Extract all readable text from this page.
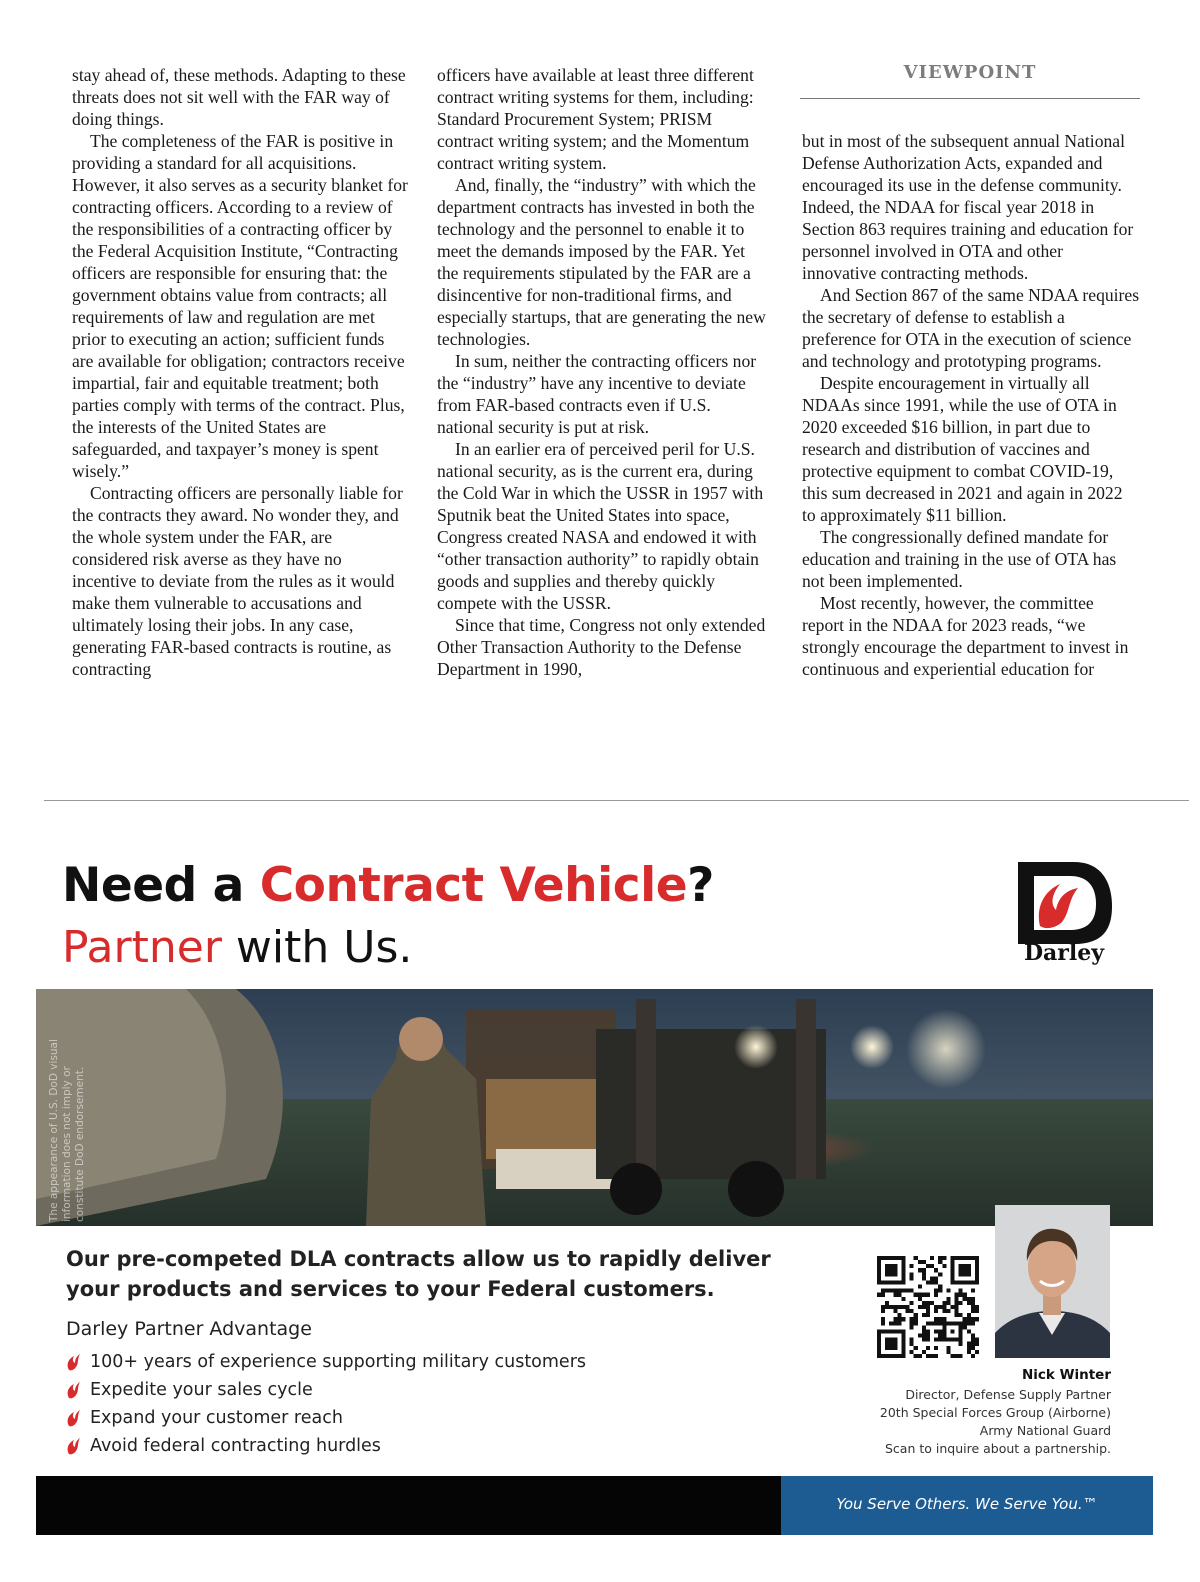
VIEWPOINT

stay ahead of, these methods. Adapting to these threats does not sit well with the FAR way of doing things.

The completeness of the FAR is positive in providing a standard for all acquisitions. However, it also serves as a security blanket for contracting officers. According to a review of the responsibilities of a contracting officer by the Federal Acquisition Institute, “Contracting officers are responsible for ensuring that: the government obtains value from contracts; all requirements of law and regulation are met prior to executing an action; sufficient funds are available for obligation; contractors receive impartial, fair and equitable treatment; both parties comply with terms of the contract. Plus, the interests of the United States are safeguarded, and taxpayer’s money is spent wisely.”

Contracting officers are personally liable for the contracts they award. No wonder they, and the whole system under the FAR, are considered risk averse as they have no incentive to deviate from the rules as it would make them vulnerable to accusations and ultimately losing their jobs. In any case, generating FAR-based contracts is routine, as contracting

officers have available at least three different contract writing systems for them, including: Standard Procurement System; PRISM contract writing system; and the Momentum contract writing system.

And, finally, the “industry” with which the department contracts has invested in both the technology and the personnel to enable it to meet the demands imposed by the FAR. Yet the requirements stipulated by the FAR are a disincentive for non-traditional firms, and especially startups, that are generating the new technologies.

In sum, neither the contracting officers nor the “industry” have any incentive to deviate from FAR-based contracts even if U.S. national security is put at risk.

In an earlier era of perceived peril for U.S. national security, as is the current era, during the Cold War in which the USSR in 1957 with Sputnik beat the United States into space, Congress created NASA and endowed it with “other transaction authority” to rapidly obtain goods and supplies and thereby quickly compete with the USSR.

Since that time, Congress not only extended Other Transaction Authority to the Defense Department in 1990,

but in most of the subsequent annual National Defense Authorization Acts, expanded and encouraged its use in the defense community. Indeed, the NDAA for fiscal year 2018 in Section 863 requires training and education for personnel involved in OTA and other innovative contracting methods.

And Section 867 of the same NDAA requires the secretary of defense to establish a preference for OTA in the execution of science and technology and prototyping programs.

Despite encouragement in virtually all NDAAs since 1991, while the use of OTA in 2020 exceeded $16 billion, in part due to research and distribution of vaccines and protective equipment to combat COVID-19, this sum decreased in 2021 and again in 2022 to approximately $11 billion.

The congressionally defined mandate for education and training in the use of OTA has not been implemented.

Most recently, however, the committee report in the NDAA for 2023 reads, “we strongly encourage the department to invest in continuous and experiential education for

Need a Contract Vehicle?
Partner with Us.	Darley
The appearance of U.S. DoD visual information does not imply or constitute DoD endorsement.
Our pre-competed DLA contracts allow us to rapidly deliver
your products and services to your Federal customers.
Darley Partner Advantage
100+ years of experience supporting military customers
Expedite your sales cycle
Expand your customer reach
Avoid federal contracting hurdles
Nick Winter
Director, Defense Supply Partner
20th Special Forces Group (Airborne)
Army National Guard
Scan to inquire about a partnership.
You Serve Others. We Serve You.™
